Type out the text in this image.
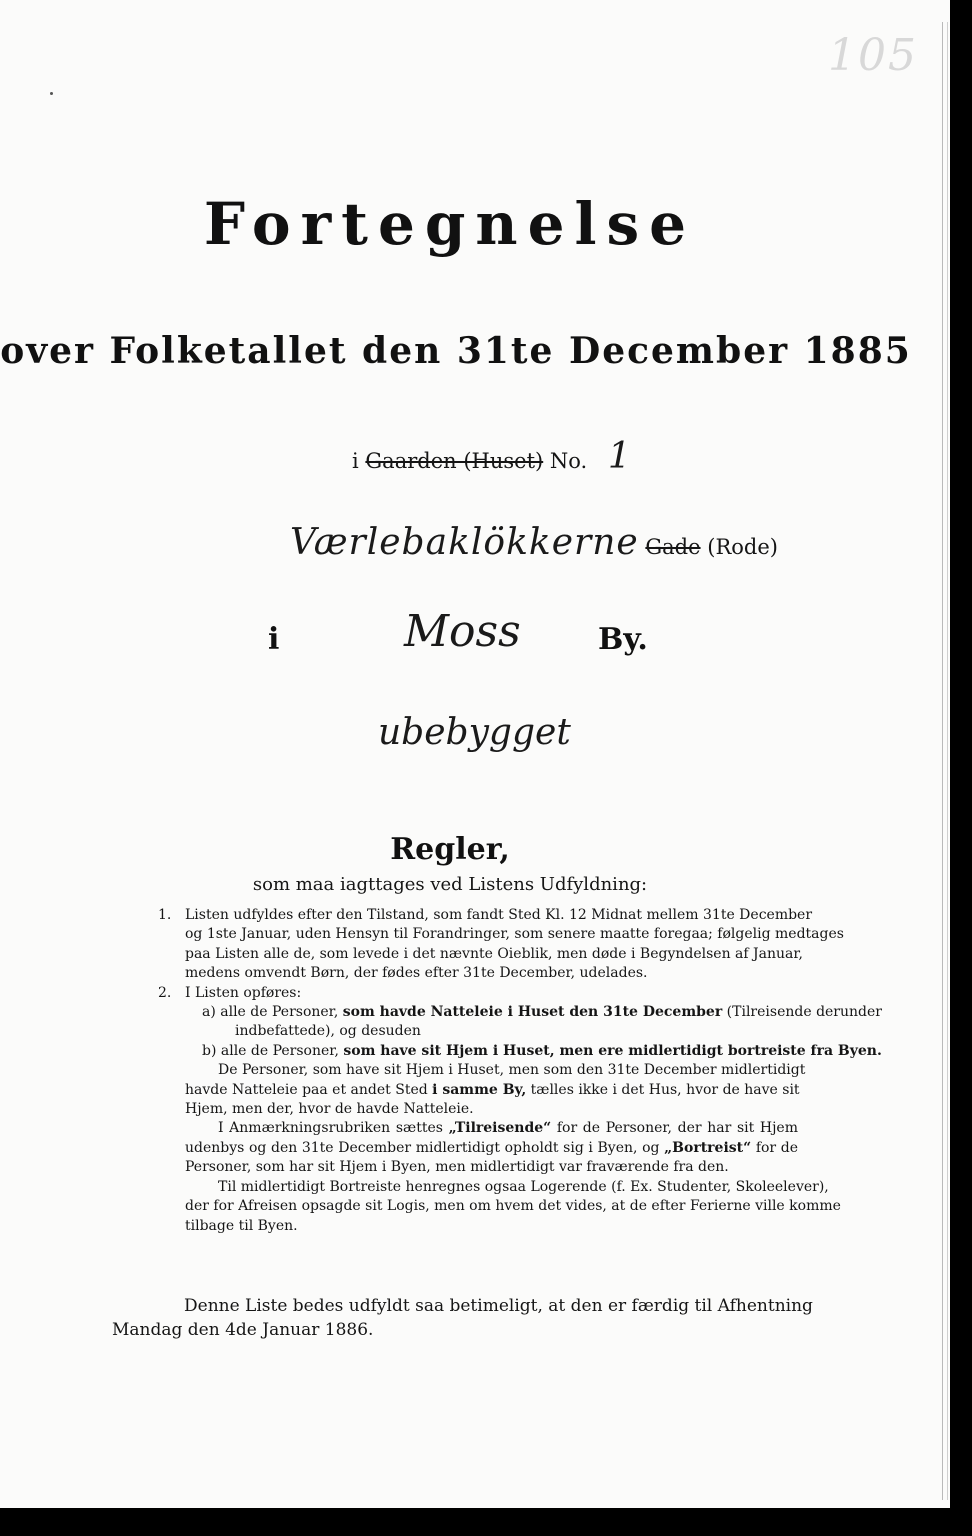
105
Fortegnelse
over Folketallet den 31te December 1885
i Gaarden (Huset) No. 1
Værlebaklökkerne Gade (Rode)
i	Moss	By.
ubebygget
Regler,
som maa iagttages ved Listens Udfyldning:
1. Listen udfyldes efter den Tilstand, som fandt Sted Kl. 12 Midnat mellem 31te December
og 1ste Januar, uden Hensyn til Forandringer, som senere maatte foregaa; følgelig medtages
paa Listen alle de, som levede i det nævnte Oieblik, men døde i Begyndelsen af Januar,
medens omvendt Børn, der fødes efter 31te December, udelades.
2. I Listen opføres:
a) alle de Personer, som havde Natteleie i Huset den 31te December (Tilreisende derunder
indbefattede), og desuden
b) alle de Personer, som have sit Hjem i Huset, men ere midlertidigt bortreiste fra Byen.
De Personer, som have sit Hjem i Huset, men som den 31te December midlertidigt
havde Natteleie paa et andet Sted i samme By, tælles ikke i det Hus, hvor de have sit
Hjem, men der, hvor de havde Natteleie.
I Anmærkningsrubriken sættes „Tilreisende“ for de Personer, der har sit Hjem
udenbys og den 31te December midlertidigt opholdt sig i Byen, og „Bortreist“ for de
Personer, som har sit Hjem i Byen, men midlertidigt var fraværende fra den.
Til midlertidigt Bortreiste henregnes ogsaa Logerende (f. Ex. Studenter, Skoleelever),
der for Afreisen opsagde sit Logis, men om hvem det vides, at de efter Ferierne ville komme
tilbage til Byen.
Denne Liste bedes udfyldt saa betimeligt, at den er færdig til Afhentning
Mandag den 4de Januar 1886.
